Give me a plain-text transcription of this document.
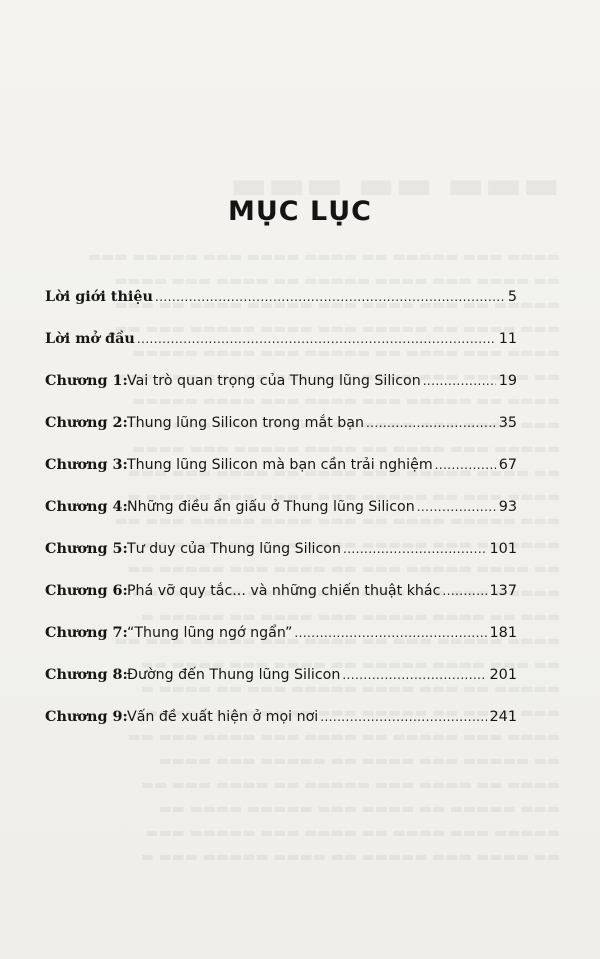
MỤC LỤC
Lời giới thiệu .....	5
Lời mở đầu .....	11
Chương 1: Vai trò quan trọng của Thung lũng Silicon .....	19
Chương 2: Thung lũng Silicon trong mắt bạn .....	35
Chương 3: Thung lũng Silicon mà bạn cần trải nghiệm .....	67
Chương 4: Những điều ẩn giấu ở Thung lũng Silicon .....	93
Chương 5: Tư duy của Thung lũng Silicon .....	101
Chương 6: Phá vỡ quy tắc... và những chiến thuật khác .....	137
Chương 7: “Thung lũng ngớ ngẩn” .....	181
Chương 8: Đường đến Thung lũng Silicon .....	201
Chương 9: Vấn đề xuất hiện ở mọi nơi .....	241
